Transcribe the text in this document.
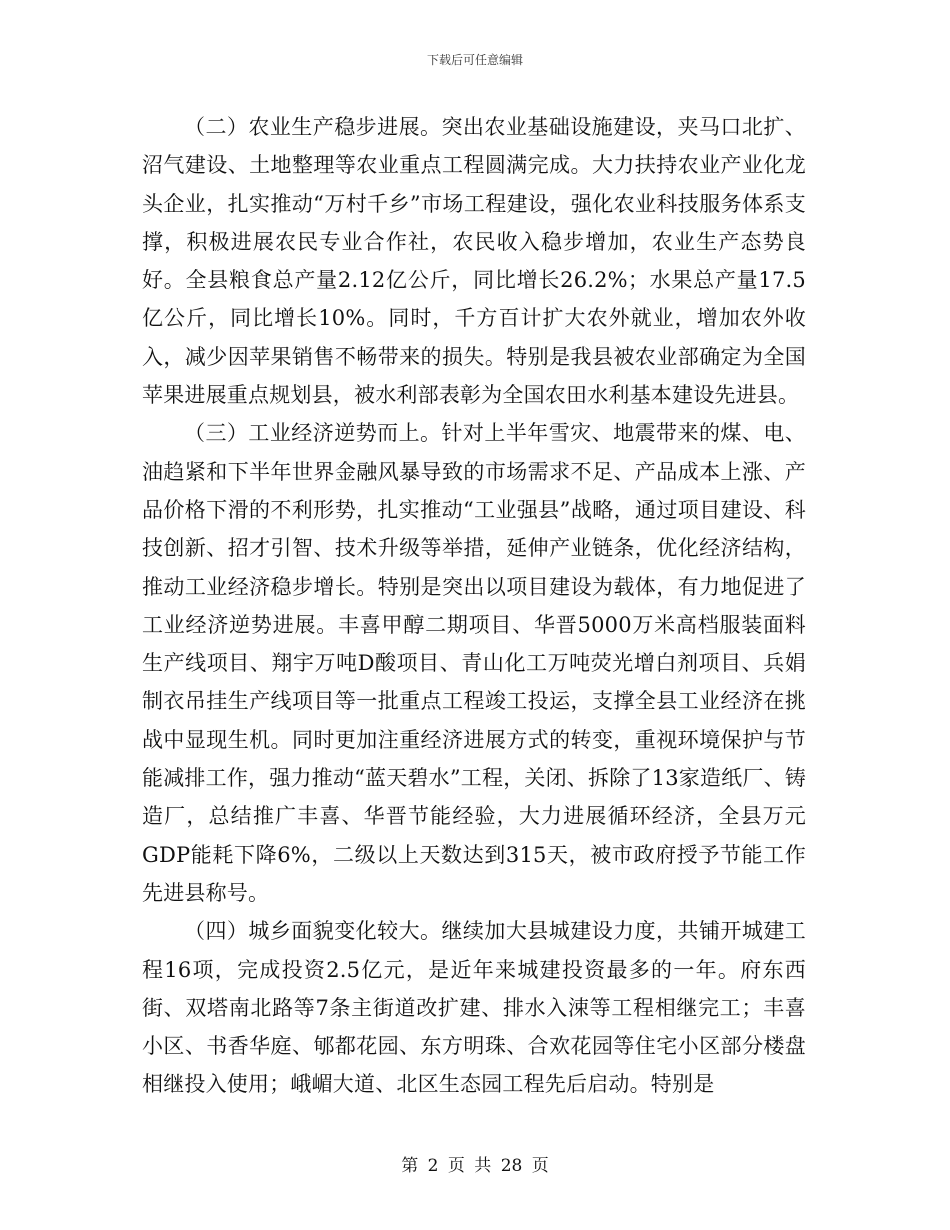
下载后可任意编辑

（二）农业生产稳步进展。突出农业基础设施建设，夹马口北扩、沼气建设、土地整理等农业重点工程圆满完成。大力扶持农业产业化龙头企业，扎实推动“万村千乡”市场工程建设，强化农业科技服务体系支撑，积极进展农民专业合作社，农民收入稳步增加，农业生产态势良好。全县粮食总产量2.12亿公斤，同比增长26.2%；水果总产量17.5亿公斤，同比增长10%。同时，千方百计扩大农外就业，增加农外收入，减少因苹果销售不畅带来的损失。特别是我县被农业部确定为全国苹果进展重点规划县，被水利部表彰为全国农田水利基本建设先进县。

（三）工业经济逆势而上。针对上半年雪灾、地震带来的煤、电、油趋紧和下半年世界金融风暴导致的市场需求不足、产品成本上涨、产品价格下滑的不利形势，扎实推动“工业强县”战略，通过项目建设、科技创新、招才引智、技术升级等举措，延伸产业链条，优化经济结构，推动工业经济稳步增长。特别是突出以项目建设为载体，有力地促进了工业经济逆势进展。丰喜甲醇二期项目、华晋5000万米高档服装面料生产线项目、翔宇万吨D酸项目、青山化工万吨荧光增白剂项目、兵娟制衣吊挂生产线项目等一批重点工程竣工投运，支撑全县工业经济在挑战中显现生机。同时更加注重经济进展方式的转变，重视环境保护与节能减排工作，强力推动“蓝天碧水”工程，关闭、拆除了13家造纸厂、铸造厂，总结推广丰喜、华晋节能经验，大力进展循环经济，全县万元GDP能耗下降6%，二级以上天数达到315天，被市政府授予节能工作先进县称号。

（四）城乡面貌变化较大。继续加大县城建设力度，共铺开城建工程16项，完成投资2.5亿元，是近年来城建投资最多的一年。府东西街、双塔南北路等7条主街道改扩建、排水入涑等工程相继完工；丰喜小区、书香华庭、郇都花园、东方明珠、合欢花园等住宅小区部分楼盘相继投入使用；峨嵋大道、北区生态园工程先后启动。特别是

第 2 页 共 28 页
